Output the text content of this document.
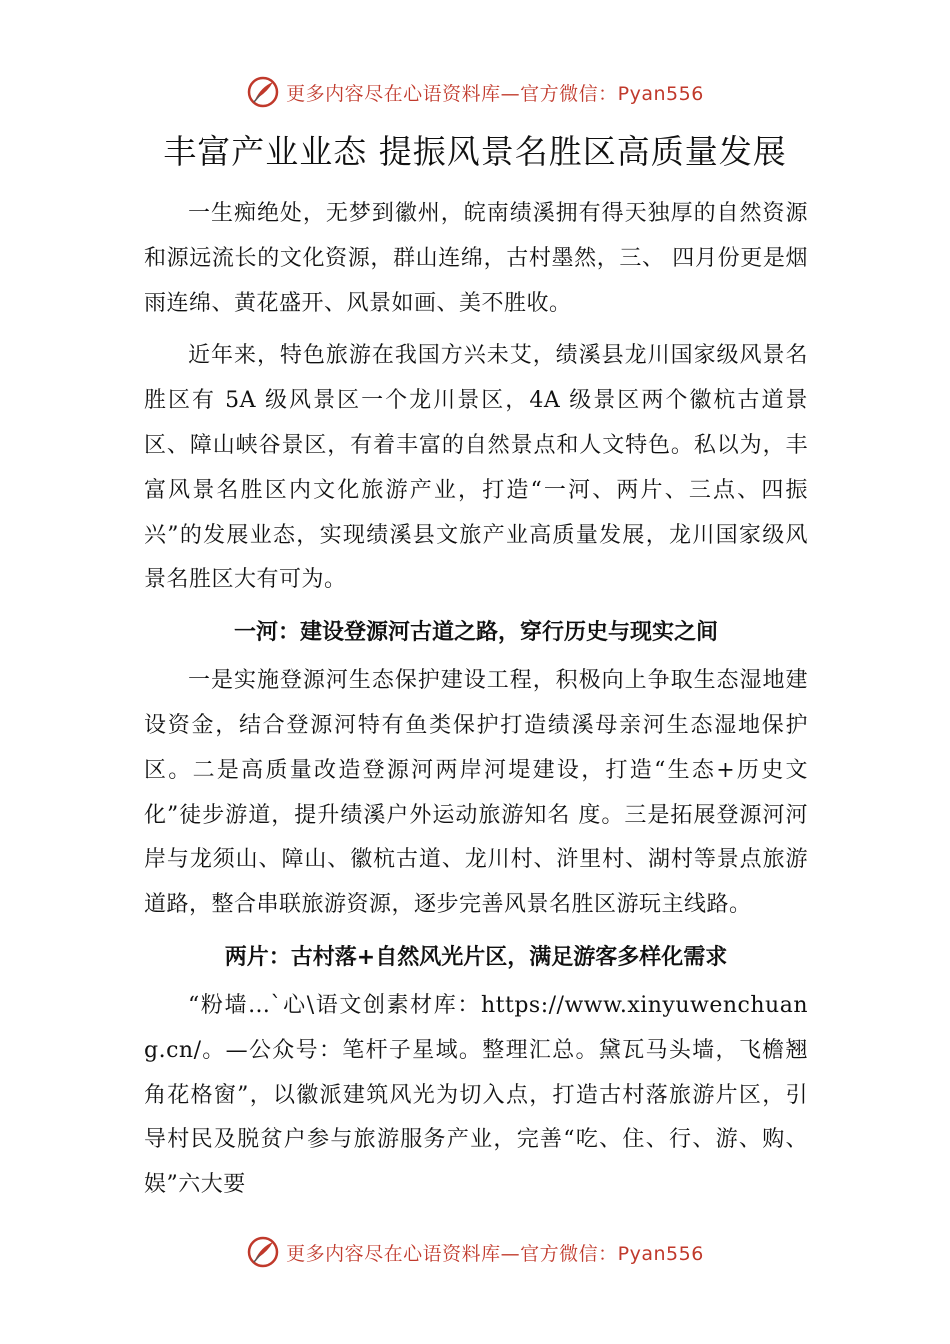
更多内容尽在心语资料库—官方微信：Pyan556
丰富产业业态 提振风景名胜区高质量发展

一生痴绝处，无梦到徽州，皖南绩溪拥有得天独厚的自然资源和源远流长的文化资源，群山连绵，古村墨然，三、 四月份更是烟雨连绵、黄花盛开、风景如画、美不胜收。

近年来，特色旅游在我国方兴未艾，绩溪县龙川国家级风景名胜区有 5A 级风景区一个龙川景区，4A 级景区两个徽杭古道景区、障山峡谷景区，有着丰富的自然景点和人文特色。私以为，丰富风景名胜区内文化旅游产业，打造“一河、两片、三点、四振兴”的发展业态，实现绩溪县文旅产业高质量发展，龙川国家级风景名胜区大有可为。

一河：建设登源河古道之路，穿行历史与现实之间

一是实施登源河生态保护建设工程，积极向上争取生态湿地建设资金，结合登源河特有鱼类保护打造绩溪母亲河生态湿地保护区。二是高质量改造登源河两岸河堤建设，打造“生态+历史文化”徒步游道，提升绩溪户外运动旅游知名 度。三是拓展登源河河岸与龙须山、障山、徽杭古道、龙川村、浒里村、湖村等景点旅游道路，整合串联旅游资源，逐步完善风景名胜区游玩主线路。

两片：古村落+自然风光片区，满足游客多样化需求

“粉墙…`心\语文创素材库：https://www.xinyuwenchuang.cn/。—公众号：笔杆子星域。整理汇总。黛瓦马头墙，飞檐翘角花格窗”，以徽派建筑风光为切入点，打造古村落旅游片区，引导村民及脱贫户参与旅游服务产业，完善“吃、住、行、游、购、娱”六大要

更多内容尽在心语资料库—官方微信：Pyan556
